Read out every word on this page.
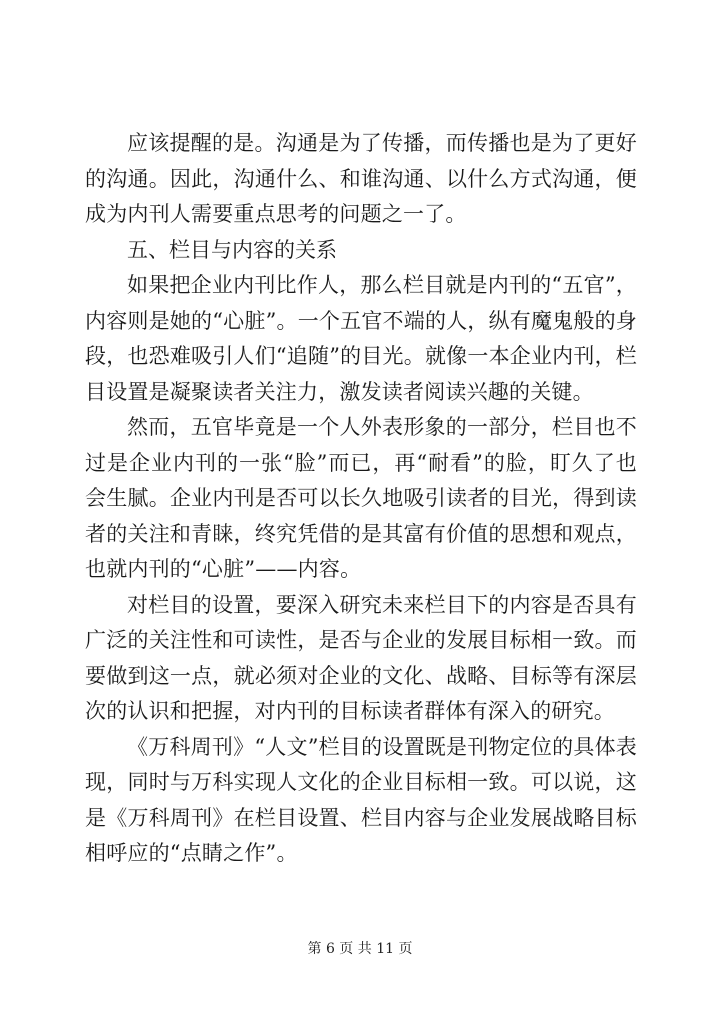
应该提醒的是。沟通是为了传播，而传播也是为了更好的沟通。因此，沟通什么、和谁沟通、以什么方式沟通，便成为内刊人需要重点思考的问题之一了。

五、栏目与内容的关系

如果把企业内刊比作人，那么栏目就是内刊的“五官”，内容则是她的“心脏”。一个五官不端的人，纵有魔鬼般的身段，也恐难吸引人们“追随”的目光。就像一本企业内刊，栏目设置是凝聚读者关注力，激发读者阅读兴趣的关键。

然而，五官毕竟是一个人外表形象的一部分，栏目也不过是企业内刊的一张“脸”而已，再“耐看”的脸，盯久了也会生腻。企业内刊是否可以长久地吸引读者的目光，得到读者的关注和青睐，终究凭借的是其富有价值的思想和观点，也就内刊的“心脏”——内容。

对栏目的设置，要深入研究未来栏目下的内容是否具有广泛的关注性和可读性，是否与企业的发展目标相一致。而要做到这一点，就必须对企业的文化、战略、目标等有深层次的认识和把握，对内刊的目标读者群体有深入的研究。

《万科周刊》“人文”栏目的设置既是刊物定位的具体表现，同时与万科实现人文化的企业目标相一致。可以说，这是《万科周刊》在栏目设置、栏目内容与企业发展战略目标相呼应的“点睛之作”。

第 6 页 共 11 页
